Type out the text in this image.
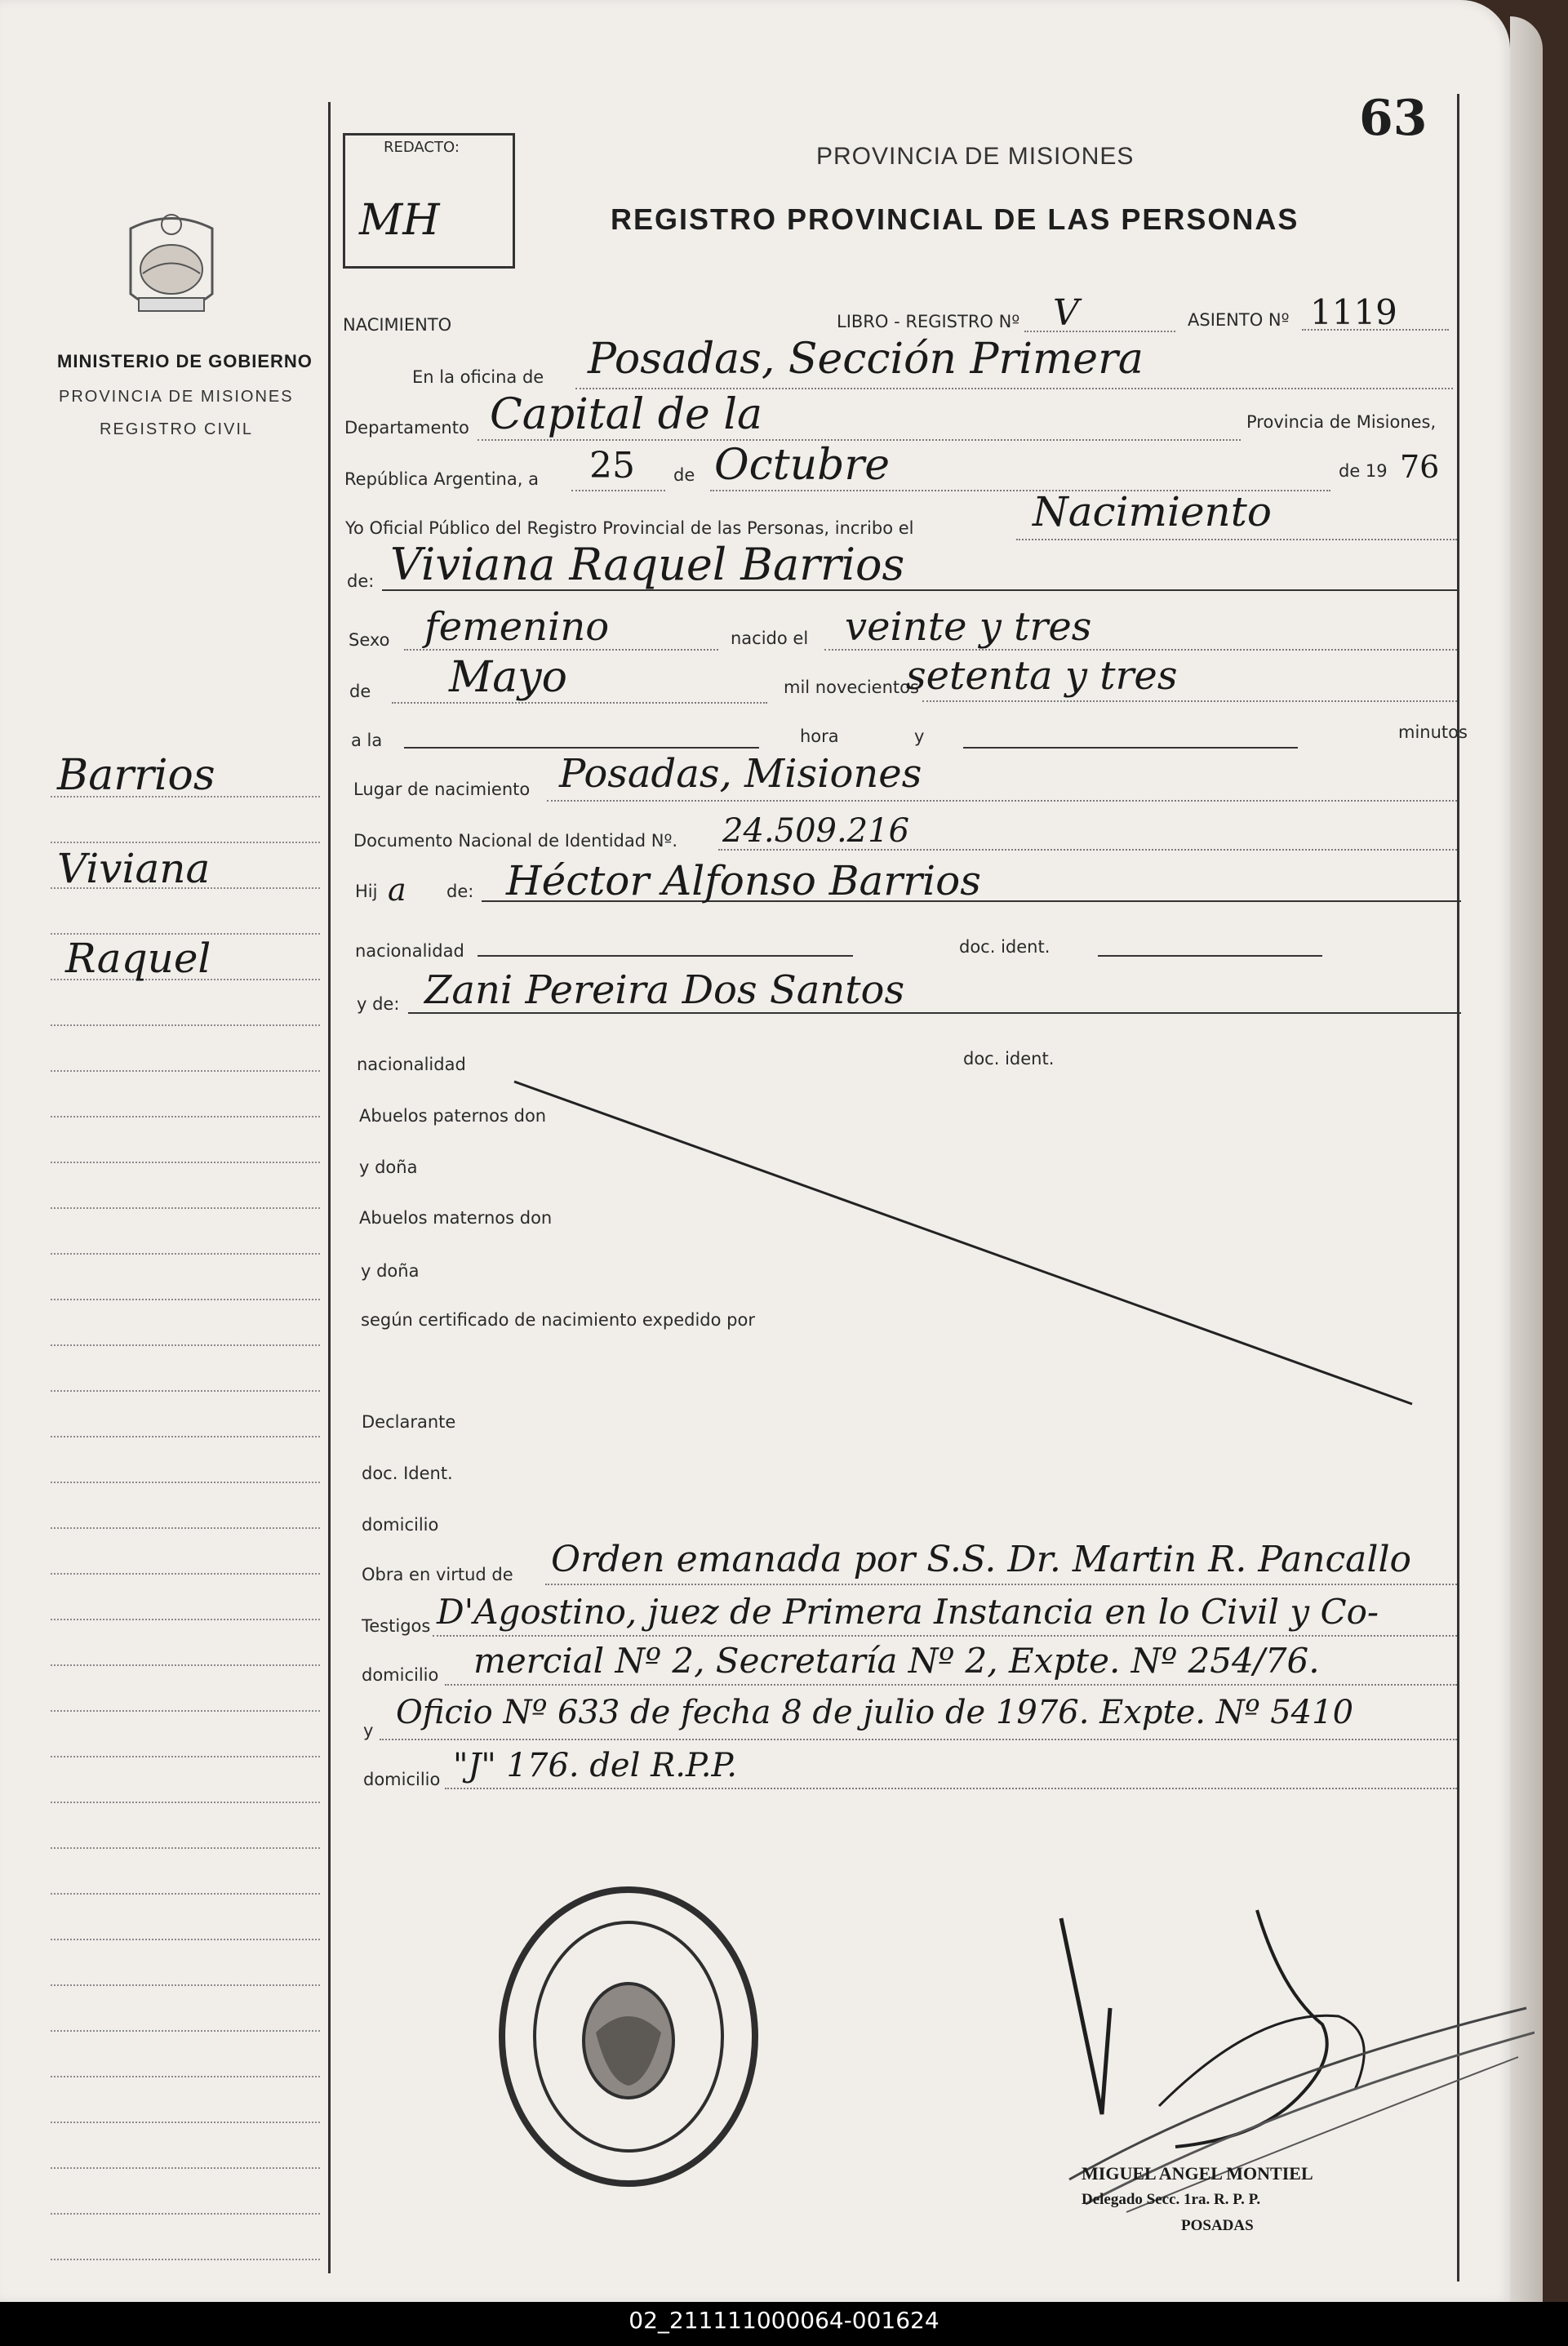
63
MINISTERIO DE GOBIERNO
PROVINCIA DE MISIONES
REGISTRO CIVIL
Barrios
Viviana
Raquel
REDACTO:
MH
PROVINCIA DE MISIONES
REGISTRO PROVINCIAL DE LAS PERSONAS
NACIMIENTO	LIBRO - REGISTRO Nº V	ASIENTO Nº 1119
En la oficina de Posadas, Sección Primera
Departamento Capital de la	Provincia de Misiones,
República Argentina, a 25 de Octubre	de 19 76
Yo Oficial Público del Registro Provincial de las Personas, incribo el	Nacimiento
de: Viviana Raquel Barrios
Sexo femenino	nacido el veinte y tres
de Mayo	mil novecientos
setenta y tres
a la	hora	y	minutos
Lugar de nacimiento Posadas, Misiones
Documento Nacional de Identidad Nº. 24.509.216
Hij a de: Héctor Alfonso Barrios
nacionalidad	doc. ident.
y de: Zani Pereira Dos Santos
nacionalidad	doc. ident.
Abuelos paternos don
y doña
Abuelos maternos don
y doña
según certificado de nacimiento expedido por
Declarante
doc. Ident.
domicilio
Obra en virtud de Orden emanada por S.S. Dr. Martin R. Pancallo
Testigos D'Agostino, juez de Primera Instancia en lo Civil y Co-
domicilio mercial Nº 2, Secretaría Nº 2, Expte. Nº 254/76.
y Oficio Nº 633 de fecha 8 de julio de 1976. Expte. Nº 5410
domicilio "J" 176. del R.P.P.
MIGUEL ANGEL MONTIEL
Delegado Secc. 1ra. R. P. P.
POSADAS
02_211111000064-001624
